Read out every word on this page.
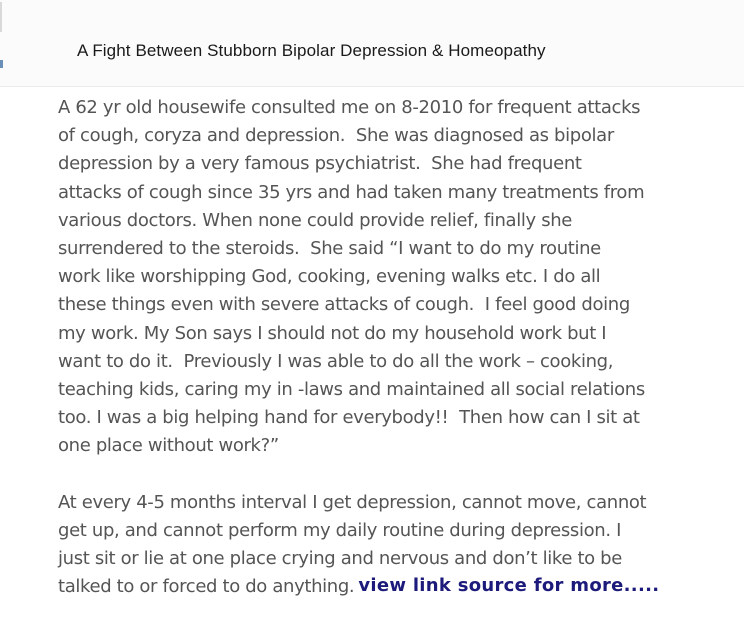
A Fight Between Stubborn Bipolar Depression & Homeopathy

A 62 yr old housewife consulted me on 8-2010 for frequent attacks
of cough, coryza and depression.  She was diagnosed as bipolar
depression by a very famous psychiatrist.  She had frequent
attacks of cough since 35 yrs and had taken many treatments from
various doctors. When none could provide relief, finally she
surrendered to the steroids.  She said “I want to do my routine
work like worshipping God, cooking, evening walks etc. I do all
these things even with severe attacks of cough.  I feel good doing
my work. My Son says I should not do my household work but I
want to do it.  Previously I was able to do all the work – cooking,
teaching kids, caring my in -laws and maintained all social relations
too. I was a big helping hand for everybody!!  Then how can I sit at
one place without work?”

At every 4-5 months interval I get depression, cannot move, cannot
get up, and cannot perform my daily routine during depression. I
just sit or lie at one place crying and nervous and don’t like to be
talked to or forced to do anything. view link source for more.....
